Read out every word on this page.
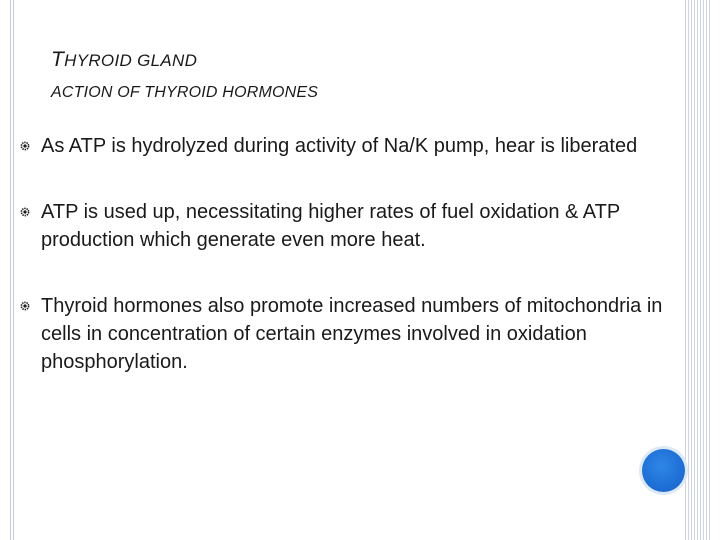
THYROID GLAND
ACTION OF THYROID HORMONES
As ATP is hydrolyzed during activity of Na/K pump, hear is liberated
ATP is used up, necessitating higher rates of fuel oxidation & ATP production which generate even more heat.
Thyroid hormones also promote increased numbers of mitochondria in cells in concentration of certain enzymes involved in oxidation phosphorylation.
